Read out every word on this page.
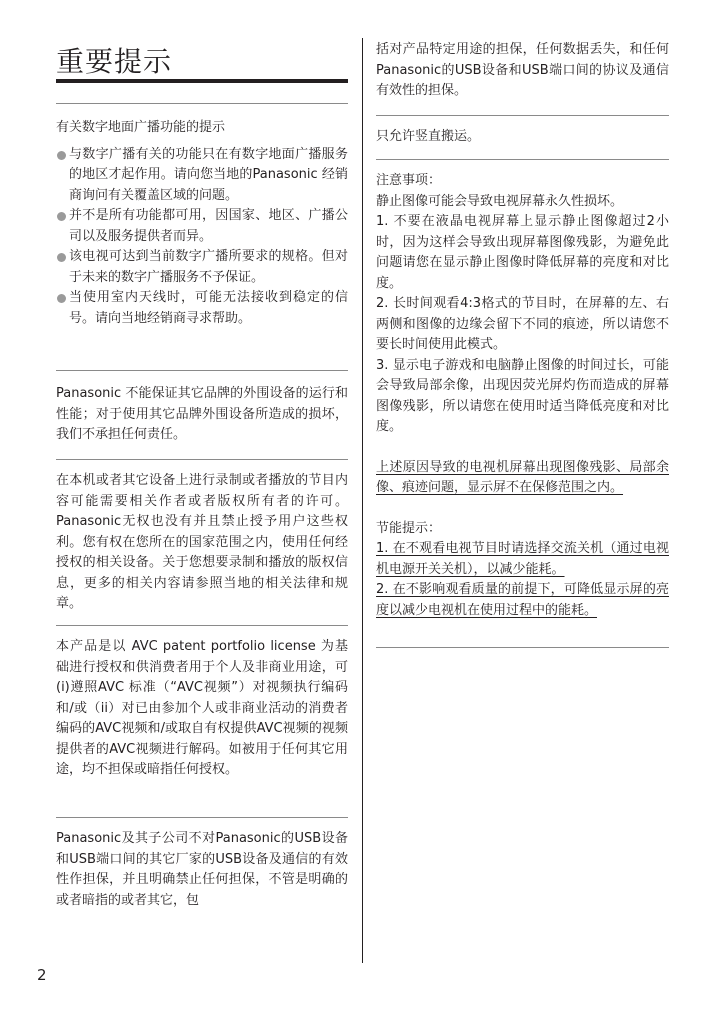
重要提示
有关数字地面广播功能的提示
与数字广播有关的功能只在有数字地面广播服务的地区才起作用。请向您当地的Panasonic 经销商询问有关覆盖区域的问题。
并不是所有功能都可用，因国家、地区、广播公司以及服务提供者而异。
该电视可达到当前数字广播所要求的规格。但对于未来的数字广播服务不予保证。
当使用室内天线时，可能无法接收到稳定的信号。请向当地经销商寻求帮助。
Panasonic 不能保证其它品牌的外围设备的运行和性能；对于使用其它品牌外围设备所造成的损坏，我们不承担任何责任。
在本机或者其它设备上进行录制或者播放的节目内容可能需要相关作者或者版权所有者的许可。Panasonic无权也没有并且禁止授予用户这些权利。您有权在您所在的国家范围之内，使用任何经授权的相关设备。关于您想要录制和播放的版权信息，更多的相关内容请参照当地的相关法律和规章。
本产品是以 AVC patent portfolio license 为基础进行授权和供消费者用于个人及非商业用途，可(i)遵照AVC 标准（“AVC视频”）对视频执行编码和/或（ii）对已由参加个人或非商业活动的消费者编码的AVC视频和/或取自有权提供AVC视频的视频提供者的AVC视频进行解码。如被用于任何其它用途，均不担保或暗指任何授权。
Panasonic及其子公司不对Panasonic的USB设备和USB端口间的其它厂家的USB设备及通信的有效性作担保，并且明确禁止任何担保，不管是明确的或者暗指的或者其它，包
括对产品特定用途的担保，任何数据丢失，和任何Panasonic的USB设备和USB端口间的协议及通信有效性的担保。
只允许竖直搬运。
注意事项：
静止图像可能会导致电视屏幕永久性损坏。
1. 不要在液晶电视屏幕上显示静止图像超过2小时，因为这样会导致出现屏幕图像残影，为避免此问题请您在显示静止图像时降低屏幕的亮度和对比度。
2. 长时间观看4:3格式的节目时，在屏幕的左、右两侧和图像的边缘会留下不同的痕迹，所以请您不要长时间使用此模式。
3. 显示电子游戏和电脑静止图像的时间过长，可能会导致局部余像，出现因荧光屏灼伤而造成的屏幕图像残影，所以请您在使用时适当降低亮度和对比度。
上述原因导致的电视机屏幕出现图像残影、局部余像、痕迹问题，显示屏不在保修范围之内。
节能提示：
1. 在不观看电视节目时请选择交流关机（通过电视机电源开关关机），以减少能耗。
2. 在不影响观看质量的前提下，可降低显示屏的亮度以减少电视机在使用过程中的能耗。
2
